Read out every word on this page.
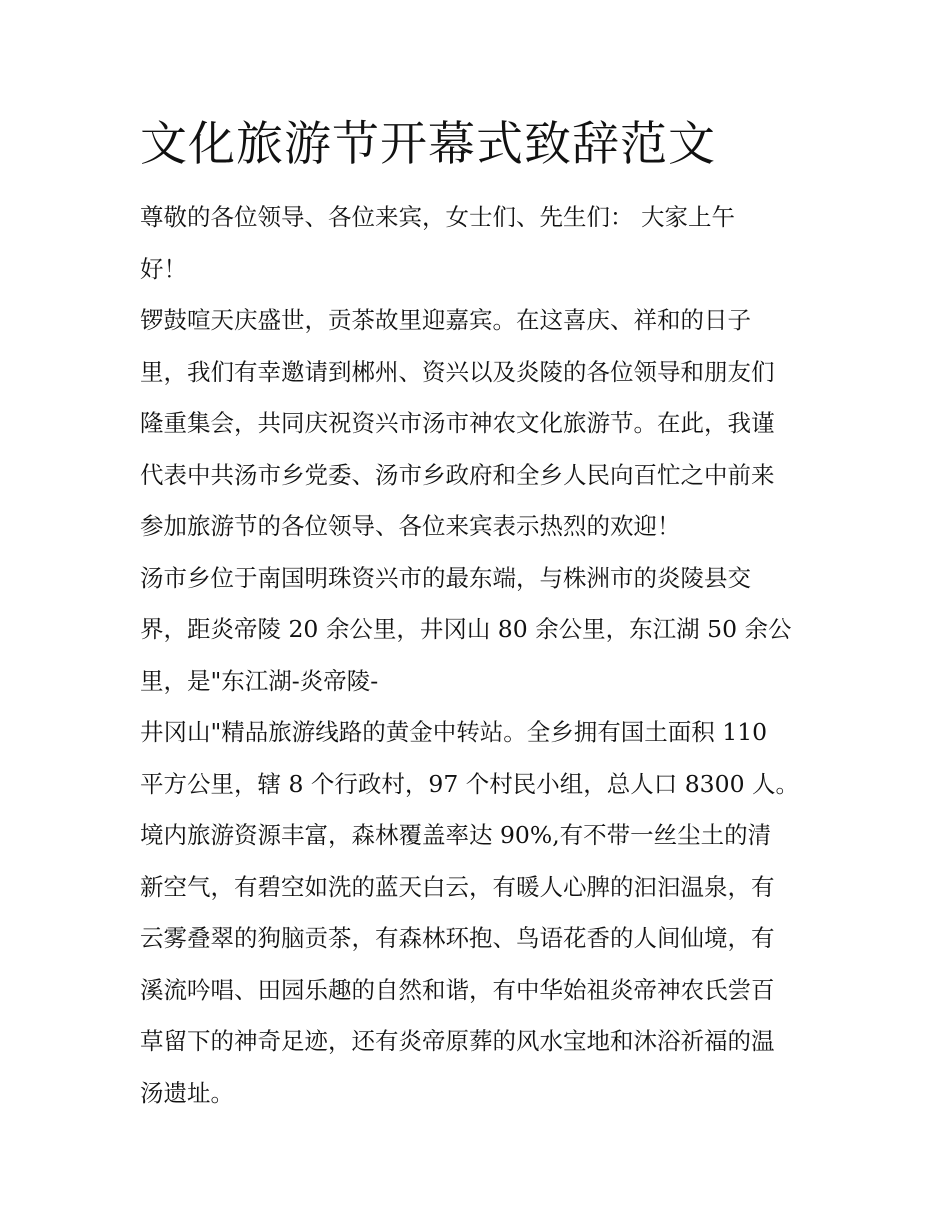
文化旅游节开幕式致辞范文

尊敬的各位领导、各位来宾，女士们、先生们： 大家上午

好！

锣鼓喧天庆盛世，贡茶故里迎嘉宾。在这喜庆、祥和的日子

里，我们有幸邀请到郴州、资兴以及炎陵的各位领导和朋友们

隆重集会，共同庆祝资兴市汤市神农文化旅游节。在此，我谨

代表中共汤市乡党委、汤市乡政府和全乡人民向百忙之中前来

参加旅游节的各位领导、各位来宾表示热烈的欢迎！

汤市乡位于南国明珠资兴市的最东端，与株洲市的炎陵县交

界，距炎帝陵 20 余公里，井冈山 80 余公里，东江湖 50 余公

里，是"东江湖-炎帝陵-

井冈山"精品旅游线路的黄金中转站。全乡拥有国土面积 110

平方公里，辖 8 个行政村，97 个村民小组，总人口 8300 人。

境内旅游资源丰富，森林覆盖率达 90%,有不带一丝尘土的清

新空气，有碧空如洗的蓝天白云，有暖人心脾的汩汩温泉，有

云雾叠翠的狗脑贡茶，有森林环抱、鸟语花香的人间仙境，有

溪流吟唱、田园乐趣的自然和谐，有中华始祖炎帝神农氏尝百

草留下的神奇足迹，还有炎帝原葬的风水宝地和沐浴祈福的温

汤遗址。
